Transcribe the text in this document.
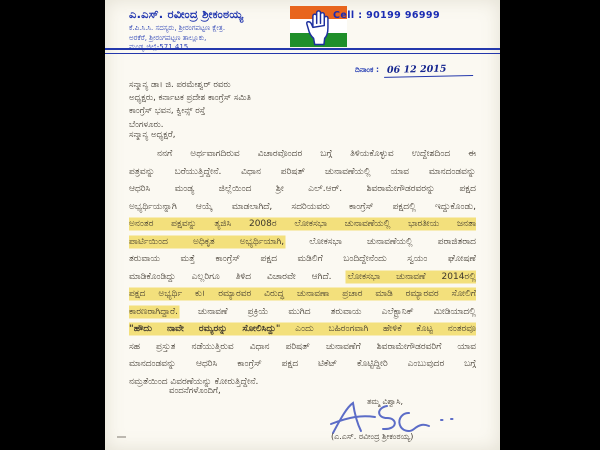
ಎ.ಎಸ್. ರವೀಂದ್ರ ಶ್ರೀಕಂಠಯ್ಯ
ಕೆ.ಪಿ.ಸಿ.ಸಿ. ಸದಸ್ಯರು, ಶ್ರೀರಂಗಪಟ್ಟಣ ಕ್ಷೇತ್ರ.
ಅರಕೆರೆ, ಶ್ರೀರಂಗಪಟ್ಟಣ ತಾಲ್ಲೂಕು,
ಮಂಡ್ಯ ಜಿಲ್ಲೆ-571 415.
Cell : 90199 96999
ದಿನಾಂಕ : 06 12 2015
ಸನ್ಮಾನ್ಯ ಡಾ। ಜಿ. ಪರಮೇಶ್ವರ್ ರವರು
ಅಧ್ಯಕ್ಷರು, ಕರ್ನಾಟಕ ಪ್ರದೇಶ ಕಾಂಗ್ರೆಸ್ ಸಮಿತಿ
ಕಾಂಗ್ರೆಸ್ ಭವನ, ಕ್ವೀನ್ಸ್ ರಸ್ತೆ
ಬೆಂಗಳೂರು.
ಸನ್ಮಾನ್ಯ ಅಧ್ಯಕ್ಷರೆ,
ನನಗೆ ಅರ್ಥವಾಗದಿರುವ ವಿಚಾರವೊಂದರ ಬಗ್ಗೆ ತಿಳಿಯಕೊಳ್ಳುವ ಉದ್ದೇಶದಿಂದ ಈ
ಪತ್ರವನ್ನು ಬರೆಯುತ್ತಿದ್ದೇನೆ. ವಿಧಾನ ಪರಿಷತ್ ಚುನಾವಣೆಯಲ್ಲಿ ಯಾವ ಮಾನದಂಡವನ್ನು
ಆಧರಿಸಿ ಮಂಡ್ಯ ಜಿಲ್ಲೆಯಿಂದ ಶ್ರೀ ಎಲ್.ಆರ್. ಶಿವರಾಮೇಗೌಡರವರನ್ನು ಪಕ್ಷದ
ಅಭ್ಯರ್ಥಿಯನ್ನಾಗಿ ಆಯ್ಕೆ ಮಾಡಲಾಗಿದೆ, ಸದರಿಯವರು ಕಾಂಗ್ರೆಸ್ ಪಕ್ಷದಲ್ಲಿ ಇದ್ದುಕೊಂಡು,
ಅನಂತರ ಪಕ್ಷವನ್ನು ತ್ಯಜಿಸಿ 2008ರ ಲೋಕಸಭಾ ಚುನಾವಣೆಯಲ್ಲಿ ಭಾರತೀಯ ಜನತಾ
ಪಾರ್ಟಿಯಿಂದ ಅಧಿಕೃತ ಅಭ್ಯರ್ಥಿಯಾಗಿ, ಲೋಕಸಭಾ ಚುನಾವಣೆಯಲ್ಲಿ ಪರಾಜಿತರಾದ
ತರುವಾಯ ಮತ್ತೆ ಕಾಂಗ್ರೆಸ್ ಪಕ್ಷದ ಮಡಿಲಿಗೆ ಬಂದಿದ್ದೇನೆಂದು ಸ್ವಯಂ ಘೋಷಣೆ
ಮಾಡಿಕೊಂಡಿದ್ದು ಎಲ್ಲರಿಗೂ ತಿಳಿದ ವಿಚಾರವೇ ಆಗಿದೆ. ಲೋಕಸಭಾ ಚುನಾವಣೆ 2014ರಲ್ಲಿ
ಪಕ್ಷದ ಅಭ್ಯರ್ಥಿ ಕು। ರಮ್ಯಾರವರ ವಿರುದ್ಧ ಚುನಾವಣಾ ಪ್ರಚಾರ ಮಾಡಿ ರಮ್ಯಾರವರ ಸೋಲಿಗೆ
ಕಾರಣರಾಗಿದ್ದಾರೆ. ಚುನಾವಣೆ ಪ್ರಕ್ರಿಯೆ ಮುಗಿದ ತರುವಾಯ ಎಲೆಕ್ಟ್ರಾನಿಕ್ ಮೀಡಿಯಾದಲ್ಲಿ
"ಹೌದು ನಾವೇ ರಮ್ಯರನ್ನು ಸೋಲಿಸಿದ್ದು" ಎಂದು ಬಹಿರಂಗವಾಗಿ ಹೇಳಿಕೆ ಕೊಟ್ಟ ನಂತರವೂ
ಸಹ ಪ್ರಸ್ತುತ ನಡೆಯುತ್ತಿರುವ ವಿಧಾನ ಪರಿಷತ್ ಚುನಾವಣೆಗೆ ಶಿವರಾಮೇಗೌಡರವರಿಗೆ ಯಾವ
ಮಾನದಂಡವನ್ನು ಆಧರಿಸಿ ಕಾಂಗ್ರೆಸ್ ಪಕ್ಷದ ಟಿಕೆಟ್ ಕೊಟ್ಟಿದ್ದೀರಿ ಎಂಬುವುದರ ಬಗ್ಗೆ
ನಮ್ರತೆಯಿಂದ ವಿವರಣೆಯನ್ನು ಕೋರುತ್ತಿದ್ದೇನೆ.
ವಂದನೆಗಳೊಂದಿಗೆ,
ತಮ್ಮ ವಿಶ್ವಾಸಿ,
(ಎ.ಎಸ್. ರವೀಂದ್ರ ಶ್ರೀಕಂಠಯ್ಯ)
